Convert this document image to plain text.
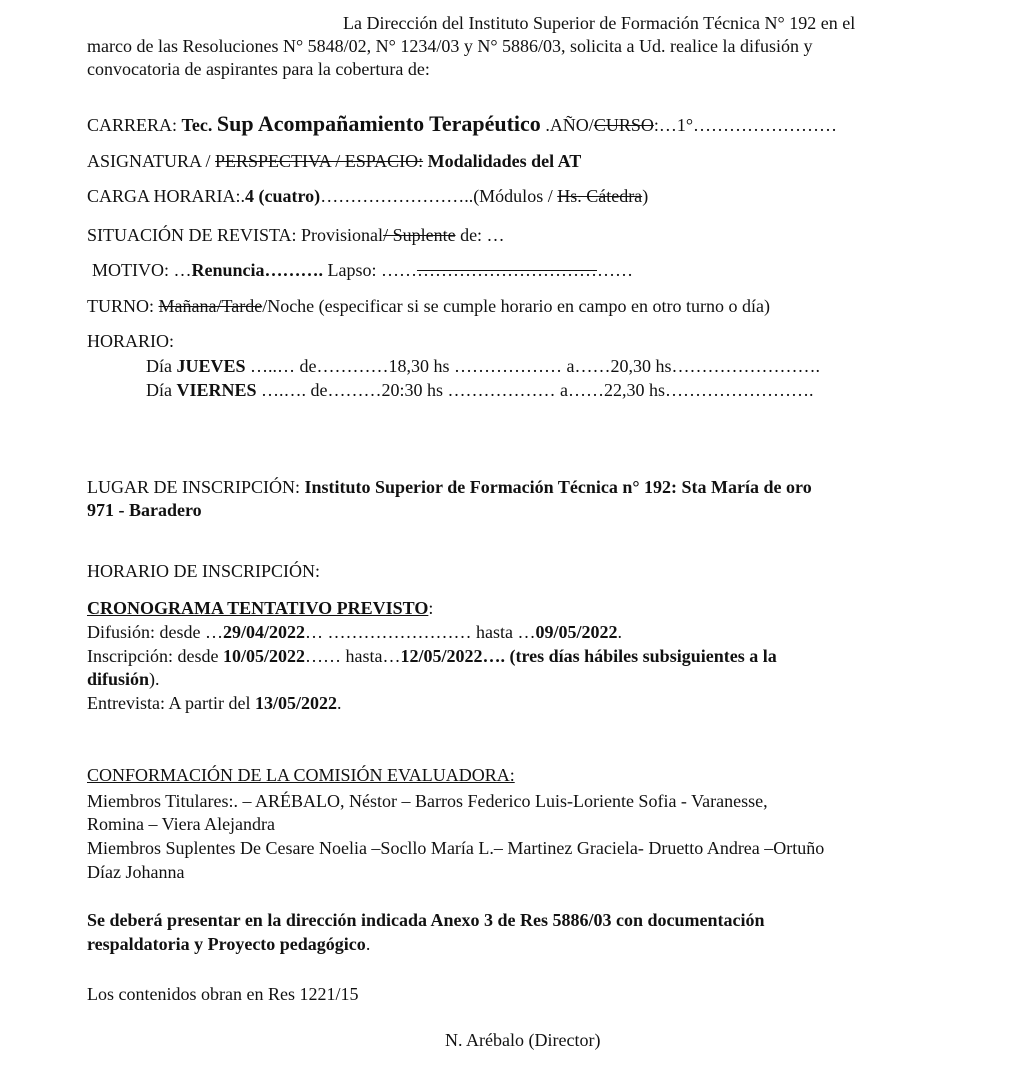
La Dirección del Instituto Superior de Formación Técnica N° 192 en el
marco de las Resoluciones N° 5848/02, N° 1234/03 y N° 5886/03, solicita a Ud. realice la difusión y
convocatoria de aspirantes para la cobertura de:
CARRERA: Tec. Sup Acompañamiento Terapéutico .AÑO/CURSO:…1°……………………
ASIGNATURA / PERSPECTIVA / ESPACIO: Modalidades del AT
CARGA HORARIA:.4 (cuatro)……………………..(Módulos / Hs. Cátedra)
SITUACIÓN DE REVISTA: Provisional/ Suplente de: …
MOTIVO: …Renuncia………. Lapso: ……………………………………
TURNO: Mañana/Tarde/Noche (especificar si se cumple horario en campo en otro turno o día)
HORARIO:
Día JUEVES …..… de…………18,30 hs ……………… a……20,30 hs…………………….
Día VIERNES ….…. de………20:30 hs ……………… a……22,30 hs…………………….
LUGAR DE INSCRIPCIÓN: Instituto Superior de Formación Técnica n° 192: Sta María de oro
971 - Baradero
HORARIO DE INSCRIPCIÓN:
CRONOGRAMA TENTATIVO PREVISTO:
Difusión: desde …29/04/2022… …………………… hasta …09/05/2022.
Inscripción: desde 10/05/2022…… hasta…12/05/2022…. (tres días hábiles subsiguientes a la
difusión).
Entrevista: A partir del 13/05/2022.
CONFORMACIÓN DE LA COMISIÓN EVALUADORA:
Miembros Titulares:. – ARÉBALO, Néstor – Barros Federico Luis-Loriente Sofia - Varanesse,
Romina – Viera Alejandra
Miembros Suplentes De Cesare Noelia –Socllo María L.– Martinez Graciela- Druetto Andrea –Ortuño
Díaz Johanna
Se deberá presentar en la dirección indicada Anexo 3 de Res 5886/03 con documentación
respaldatoria y Proyecto pedagógico.
Los contenidos obran en Res 1221/15
N. Arébalo (Director)
